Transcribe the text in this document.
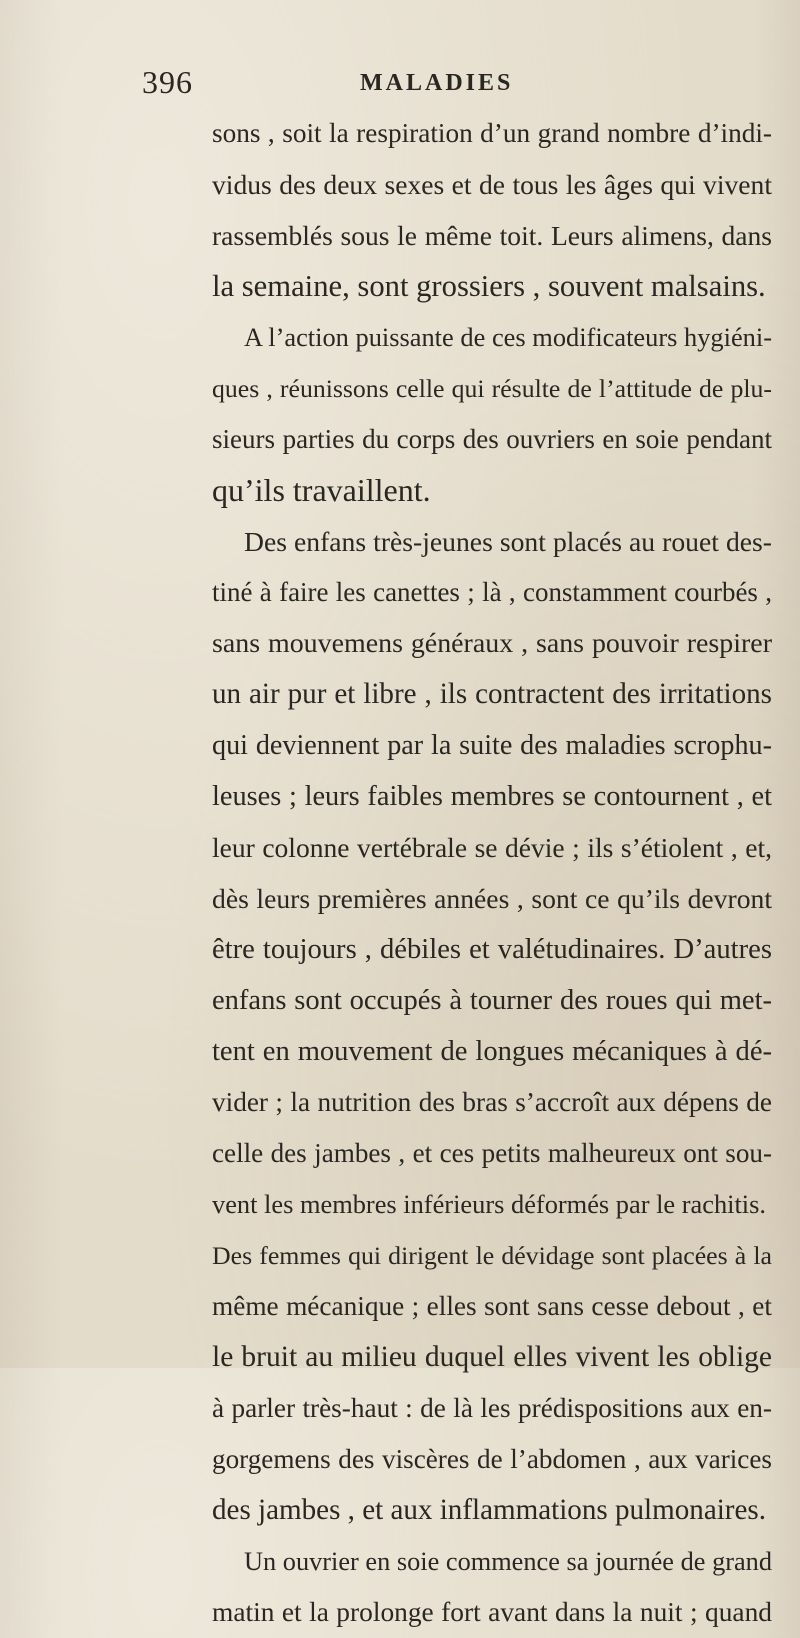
396	MALADIES

sons , soit la respiration d’un grand nombre d’indi-
vidus des deux sexes et de tous les âges qui vivent
rassemblés sous le même toit. Leurs alimens, dans
la semaine, sont grossiers , souvent malsains.

A l’action puissante de ces modificateurs hygiéni-
ques , réunissons celle qui résulte de l’attitude de plu-
sieurs parties du corps des ouvriers en soie pendant
qu’ils travaillent.

Des enfans très-jeunes sont placés au rouet des-
tiné à faire les canettes ; là , constamment courbés ,
sans mouvemens généraux , sans pouvoir respirer
un air pur et libre , ils contractent des irritations
qui deviennent par la suite des maladies scrophu-
leuses ; leurs faibles membres se contournent , et
leur colonne vertébrale se dévie ; ils s’étiolent , et,
dès leurs premières années , sont ce qu’ils devront
être toujours , débiles et valétudinaires. D’autres
enfans sont occupés à tourner des roues qui met-
tent en mouvement de longues mécaniques à dé-
vider ; la nutrition des bras s’accroît aux dépens de
celle des jambes , et ces petits malheureux ont sou-
vent les membres inférieurs déformés par le rachitis.

Des femmes qui dirigent le dévidage sont placées à la
même mécanique ; elles sont sans cesse debout , et
le bruit au milieu duquel elles vivent les oblige
à parler très-haut : de là les prédispositions aux en-
gorgemens des viscères de l’abdomen , aux varices
des jambes , et aux inflammations pulmonaires.

Un ouvrier en soie commence sa journée de grand
matin et la prolonge fort avant dans la nuit ; quand
